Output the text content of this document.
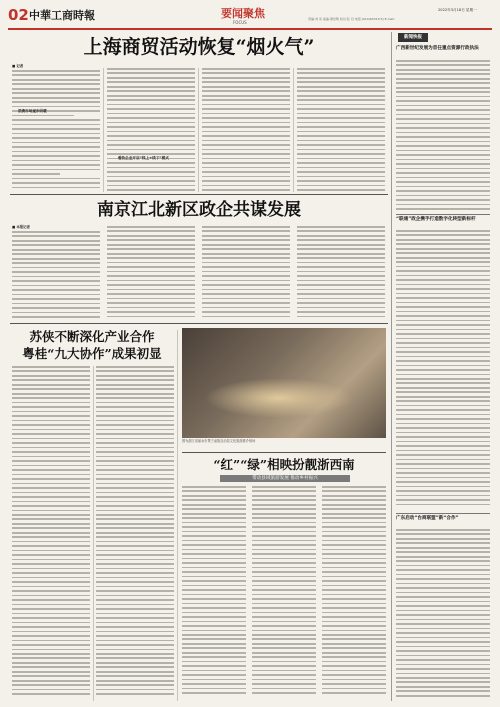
02 中華工商時報	要闻聚焦
FOCUS
2022年3月18日 星期一
责编:刘 亮 美编:谭世明 校对:张 丹 电话:(010)60317(5) E-mail:
上海商贸活动恢复“烟火气”
■ 记者
消费市场逐步回暖
餐饮企业开启“线上+线下”模式
南京江北新区政企共谋发展
■ 本报记者
苏侠不断深化产业合作
粤桂“九大协作”成果初显
图为浙江省丽水市景宁畲族自治县文化旅游推介现场
“红”“绿”相映扮靓浙西南
带动县域旅游发展 推动乡村振兴
新闻快报
广西新世纪发展为首任重点资源行政执法
“联通”政企携手打造数字化转型新标杆
广东启动“台商联盟”新“合作”
